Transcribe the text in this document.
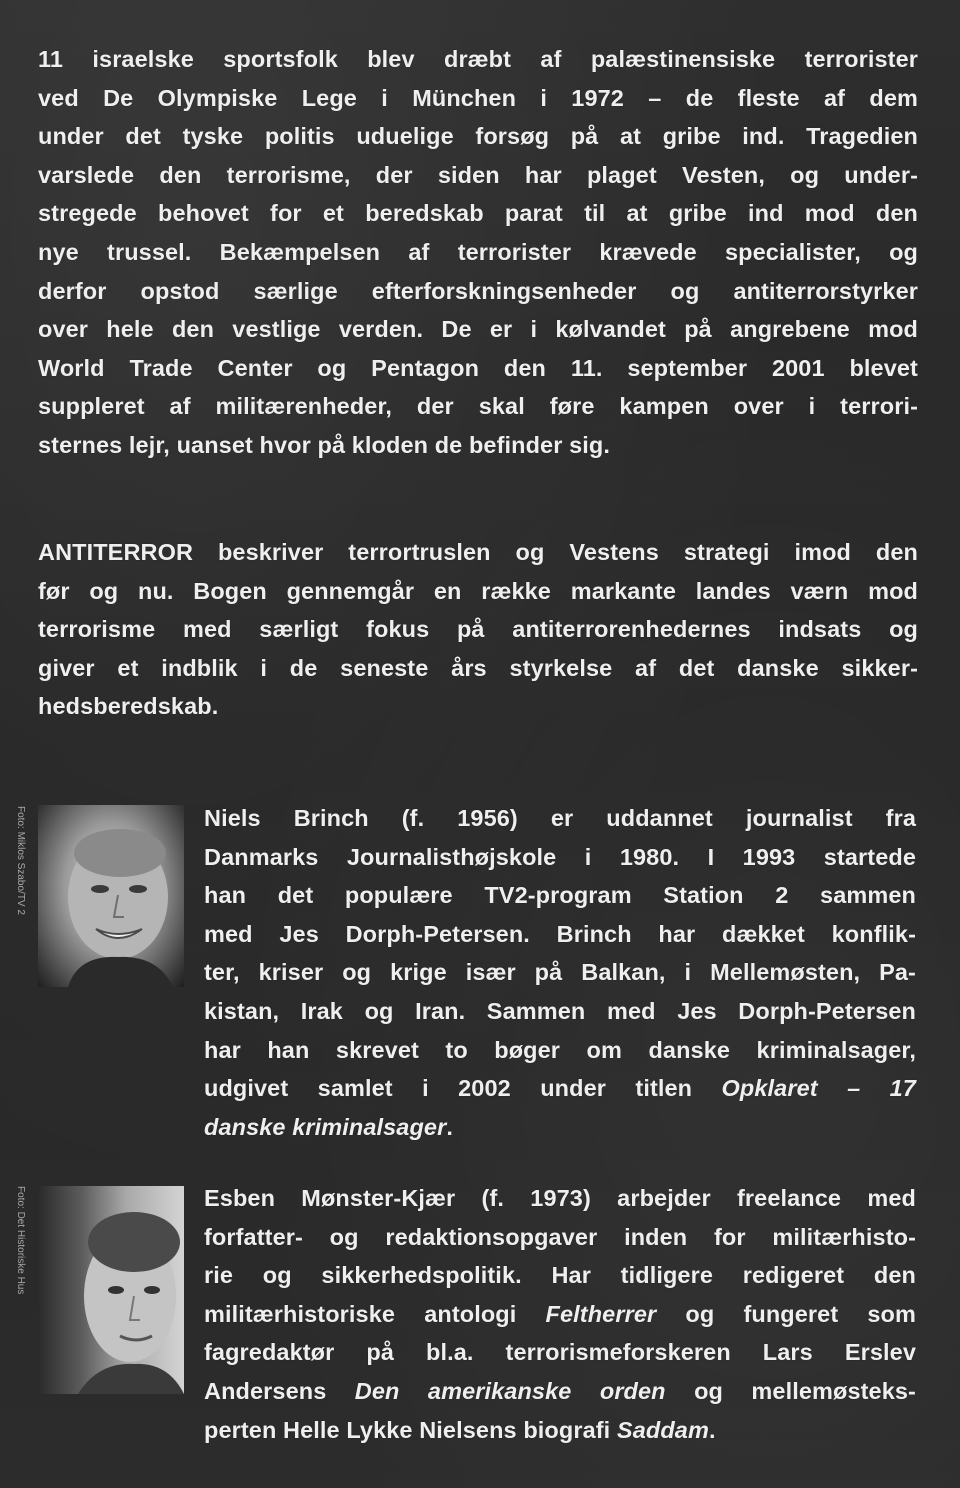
11 israelske sportsfolk blev dræbt af palæstinensiske terrorister
ved De Olympiske Lege i München i 1972 – de fleste af dem
under det tyske politis uduelige forsøg på at gribe ind. Tragedien
varslede den terrorisme, der siden har plaget Vesten, og under-
stregede behovet for et beredskab parat til at gribe ind mod den
nye trussel. Bekæmpelsen af terrorister krævede specialister, og
derfor opstod særlige efterforskningsenheder og antiterrorstyrker
over hele den vestlige verden. De er i kølvandet på angrebene mod
World Trade Center og Pentagon den 11. september 2001 blevet
suppleret af militærenheder, der skal føre kampen over i terrori-
sternes lejr, uanset hvor på kloden de befinder sig.

ANTITERROR beskriver terrortruslen og Vestens strategi imod den
før og nu. Bogen gennemgår en række markante landes værn mod
terrorisme med særligt fokus på antiterrorenhedernes indsats og
giver et indblik i de seneste års styrkelse af det danske sikker-
hedsberedskab.

Foto: Miklos Szabo/TV 2	Niels Brinch (f. 1956) er uddannet journalist fra
Danmarks Journalisthøjskole i 1980. I 1993 startede
han det populære TV2-program Station 2 sammen
med Jes Dorph-Petersen. Brinch har dækket konflik-
ter, kriser og krige især på Balkan, i Mellemøsten, Pa-
kistan, Irak og Iran. Sammen med Jes Dorph-Petersen
har han skrevet to bøger om danske kriminalsager,
udgivet samlet i 2002 under titlen Opklaret – 17
danske kriminalsager.

Foto: Det Historiske Hus	Esben Mønster-Kjær (f. 1973) arbejder freelance med
forfatter- og redaktionsopgaver inden for militærhisto-
rie og sikkerhedspolitik. Har tidligere redigeret den
militærhistoriske antologi Feltherrer og fungeret som
fagredaktør på bl.a. terrorismeforskeren Lars Erslev
Andersens Den amerikanske orden og mellemøsteks-
perten Helle Lykke Nielsens biografi Saddam.
